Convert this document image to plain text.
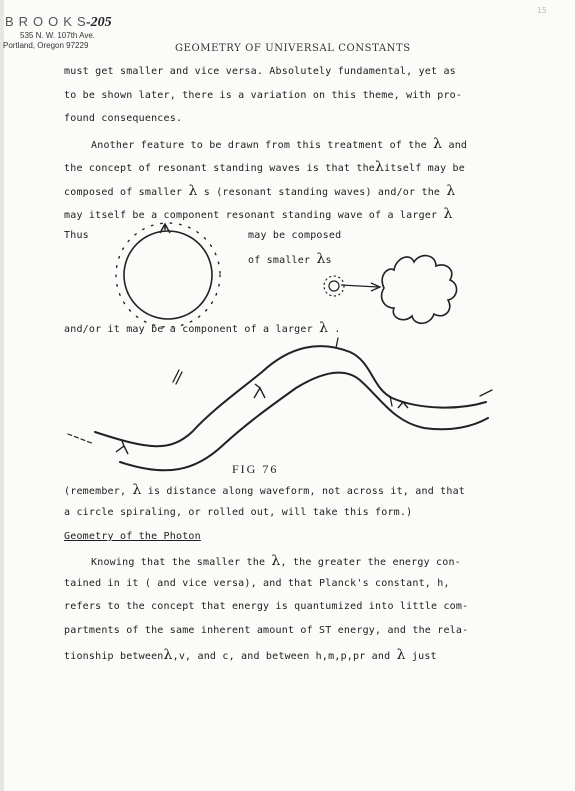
BROOKS
-205
535 N. W. 107th Ave.
Portland, Oregon 97229	GEOMETRY OF UNIVERSAL CONSTANTS
15
must get smaller and vice versa. Absolutely fundamental, yet as
to be shown later, there is a variation on this theme, with pro-
found consequences.
Another feature to be drawn from this treatment of the λ and
the concept of resonant standing waves is that theλitself may be
composed of smaller λ s (resonant standing waves) and/or the λ
may itself be a component resonant standing wave of a larger λ
Thus	may be composed
of smaller λs
and/or it may be a component of a larger λ .
FIG 76
(remember, λ is distance along waveform, not across it, and that
a circle spiraling, or rolled out, will take this form.)
Geometry of the Photon
Knowing that the smaller the λ, the greater the energy con-
tained in it ( and vice versa), and that Planck's constant, h,
refers to the concept that energy is quantumized into little com-
partments of the same inherent amount of ST energy, and the rela-
tionship betweenλ,v, and c, and between h,m,p,pr and λ just
